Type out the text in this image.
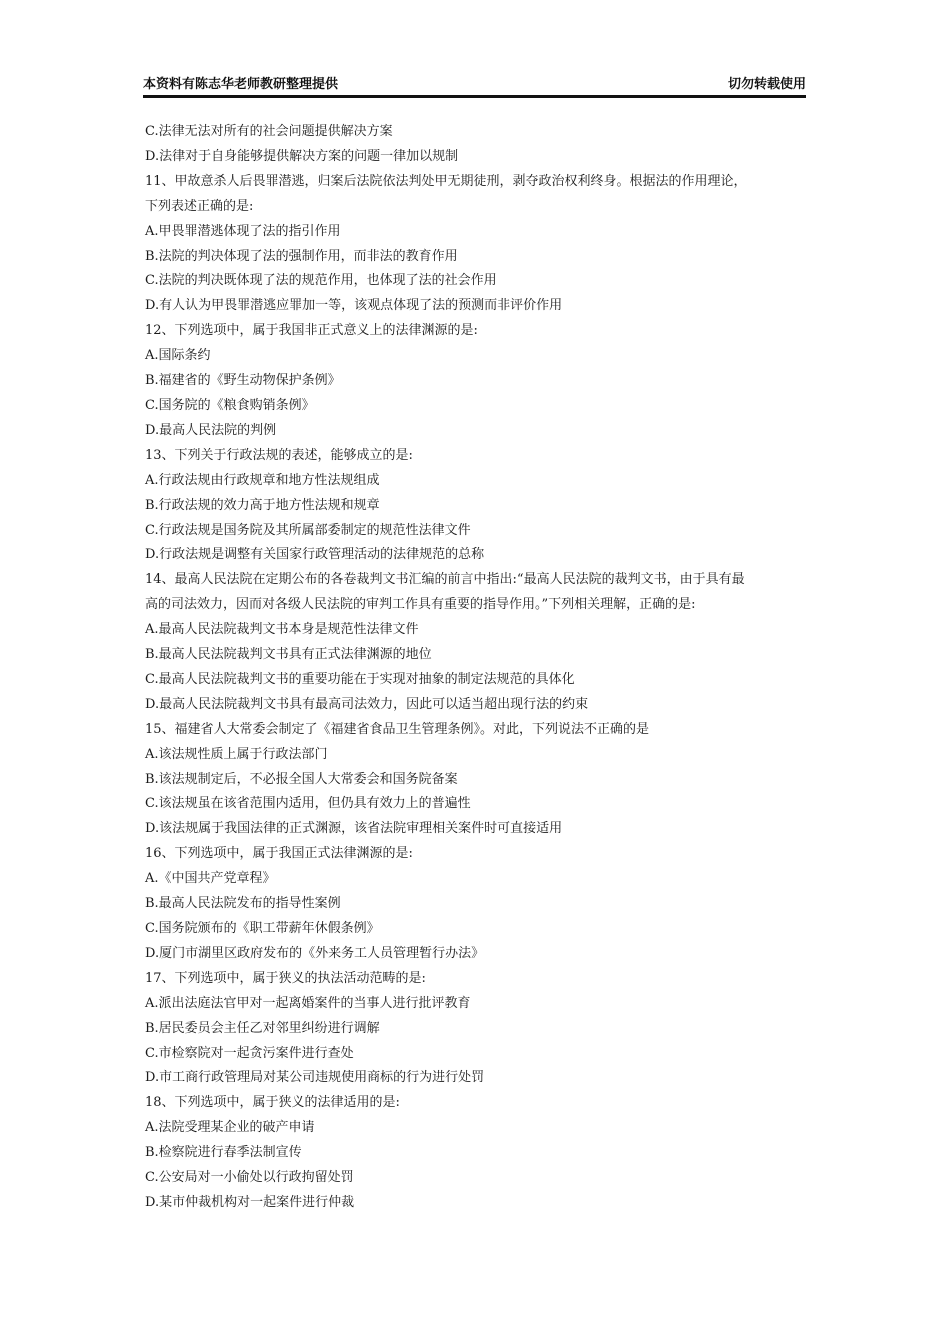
本资料有陈志华老师教研整理提供	切勿转载使用
C.法律无法对所有的社会问题提供解决方案
D.法律对于自身能够提供解决方案的问题一律加以规制
11、甲故意杀人后畏罪潜逃，归案后法院依法判处甲无期徒刑，剥夺政治权利终身。根据法的作用理论，
下列表述正确的是:
A.甲畏罪潜逃体现了法的指引作用
B.法院的判决体现了法的强制作用，而非法的教育作用
C.法院的判决既体现了法的规范作用，也体现了法的社会作用
D.有人认为甲畏罪潜逃应罪加一等，该观点体现了法的预测而非评价作用
12、下列选项中，属于我国非正式意义上的法律渊源的是:
A.国际条约
B.福建省的《野生动物保护条例》
C.国务院的《粮食购销条例》
D.最高人民法院的判例
13、下列关于行政法规的表述，能够成立的是:
A.行政法规由行政规章和地方性法规组成
B.行政法规的效力高于地方性法规和规章
C.行政法规是国务院及其所属部委制定的规范性法律文件
D.行政法规是调整有关国家行政管理活动的法律规范的总称
14、最高人民法院在定期公布的各卷裁判文书汇编的前言中指出:“最高人民法院的裁判文书，由于具有最
高的司法效力，因而对各级人民法院的审判工作具有重要的指导作用。”下列相关理解，正确的是:
A.最高人民法院裁判文书本身是规范性法律文件
B.最高人民法院裁判文书具有正式法律渊源的地位
C.最高人民法院裁判文书的重要功能在于实现对抽象的制定法规范的具体化
D.最高人民法院裁判文书具有最高司法效力，因此可以适当超出现行法的约束
15、福建省人大常委会制定了《福建省食品卫生管理条例》。对此，下列说法不正确的是
A.该法规性质上属于行政法部门
B.该法规制定后，不必报全国人大常委会和国务院备案
C.该法规虽在该省范围内适用，但仍具有效力上的普遍性
D.该法规属于我国法律的正式渊源，该省法院审理相关案件时可直接适用
16、下列选项中，属于我国正式法律渊源的是:
A.《中国共产党章程》
B.最高人民法院发布的指导性案例
C.国务院颁布的《职工带薪年休假条例》
D.厦门市湖里区政府发布的《外来务工人员管理暂行办法》
17、下列选项中，属于狭义的执法活动范畴的是:
A.派出法庭法官甲对一起离婚案件的当事人进行批评教育
B.居民委员会主任乙对邻里纠纷进行调解
C.市检察院对一起贪污案件进行查处
D.市工商行政管理局对某公司违规使用商标的行为进行处罚
18、下列选项中，属于狭义的法律适用的是:
A.法院受理某企业的破产申请
B.检察院进行春季法制宣传
C.公安局对一小偷处以行政拘留处罚
D.某市仲裁机构对一起案件进行仲裁
